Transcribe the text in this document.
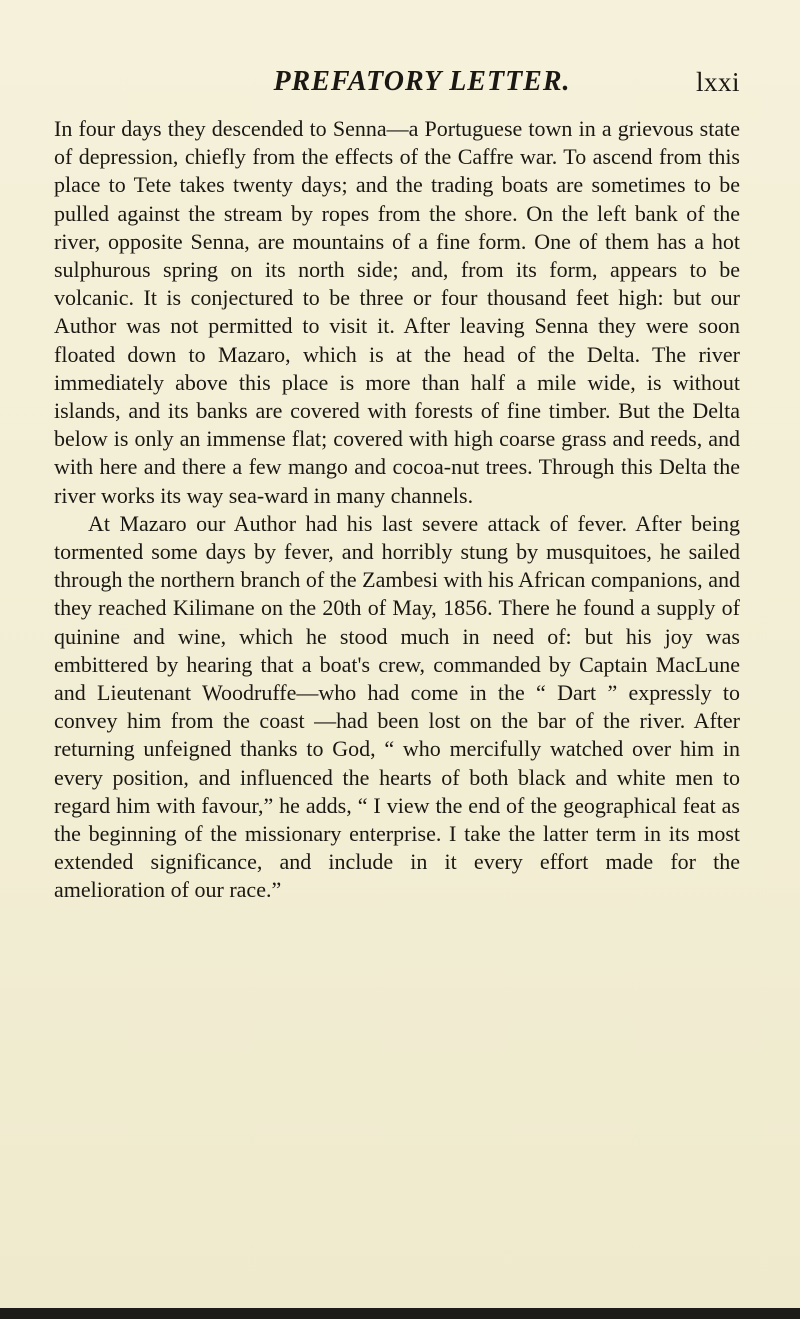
PREFATORY LETTER.	lxxi

In four days they descended to Senna—a Portuguese town in a grievous state of depression, chiefly from the effects of the Caffre war. To ascend from this place to Tete takes twenty days; and the trading boats are sometimes to be pulled against the stream by ropes from the shore. On the left bank of the river, opposite Senna, are mountains of a fine form. One of them has a hot sulphurous spring on its north side; and, from its form, appears to be volcanic. It is conjectured to be three or four thousand feet high: but our Author was not permitted to visit it. After leaving Senna they were soon floated down to Mazaro, which is at the head of the Delta. The river immediately above this place is more than half a mile wide, is without islands, and its banks are covered with forests of fine timber. But the Delta below is only an immense flat; covered with high coarse grass and reeds, and with here and there a few mango and cocoa-nut trees. Through this Delta the river works its way sea-ward in many channels.

At Mazaro our Author had his last severe attack of fever. After being tormented some days by fever, and horribly stung by musquitoes, he sailed through the northern branch of the Zambesi with his African companions, and they reached Kilimane on the 20th of May, 1856. There he found a supply of quinine and wine, which he stood much in need of: but his joy was embittered by hearing that a boat's crew, commanded by Captain MacLune and Lieutenant Woodruffe—who had come in the “ Dart ” expressly to convey him from the coast —had been lost on the bar of the river. After returning unfeigned thanks to God, “ who mercifully watched over him in every position, and influenced the hearts of both black and white men to regard him with favour,” he adds, “ I view the end of the geographical feat as the beginning of the missionary enterprise. I take the latter term in its most extended significance, and include in it every effort made for the amelioration of our race.”
